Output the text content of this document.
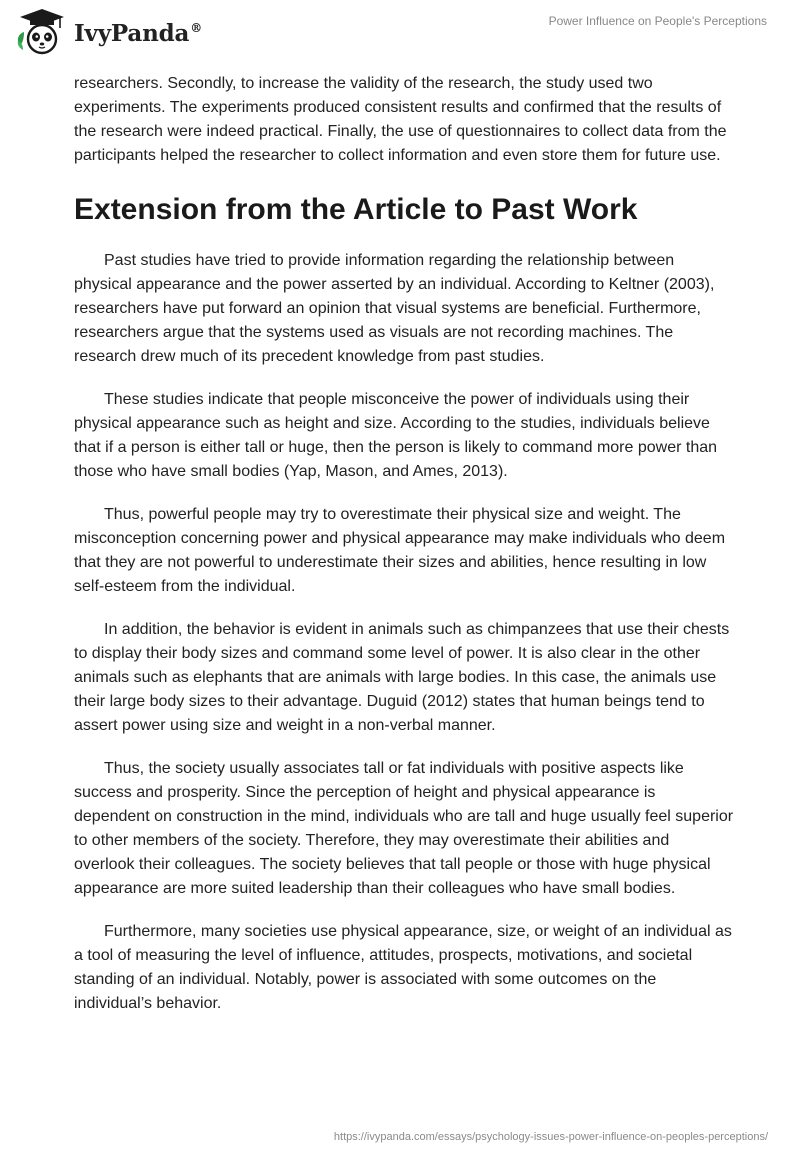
IvyPanda®	Power Influence on People's Perceptions

researchers. Secondly, to increase the validity of the research, the study used two experiments. The experiments produced consistent results and confirmed that the results of the research were indeed practical. Finally, the use of questionnaires to collect data from the participants helped the researcher to collect information and even store them for future use.

Extension from the Article to Past Work

Past studies have tried to provide information regarding the relationship between physical appearance and the power asserted by an individual. According to Keltner (2003), researchers have put forward an opinion that visual systems are beneficial. Furthermore, researchers argue that the systems used as visuals are not recording machines. The research drew much of its precedent knowledge from past studies.

These studies indicate that people misconceive the power of individuals using their physical appearance such as height and size. According to the studies, individuals believe that if a person is either tall or huge, then the person is likely to command more power than those who have small bodies (Yap, Mason, and Ames, 2013).

Thus, powerful people may try to overestimate their physical size and weight. The misconception concerning power and physical appearance may make individuals who deem that they are not powerful to underestimate their sizes and abilities, hence resulting in low self-esteem from the individual.

In addition, the behavior is evident in animals such as chimpanzees that use their chests to display their body sizes and command some level of power. It is also clear in the other animals such as elephants that are animals with large bodies. In this case, the animals use their large body sizes to their advantage. Duguid (2012) states that human beings tend to assert power using size and weight in a non-verbal manner.

Thus, the society usually associates tall or fat individuals with positive aspects like success and prosperity. Since the perception of height and physical appearance is dependent on construction in the mind, individuals who are tall and huge usually feel superior to other members of the society. Therefore, they may overestimate their abilities and overlook their colleagues. The society believes that tall people or those with huge physical appearance are more suited leadership than their colleagues who have small bodies.

Furthermore, many societies use physical appearance, size, or weight of an individual as a tool of measuring the level of influence, attitudes, prospects, motivations, and societal standing of an individual. Notably, power is associated with some outcomes on the individual’s behavior.

https://ivypanda.com/essays/psychology-issues-power-influence-on-peoples-perceptions/
